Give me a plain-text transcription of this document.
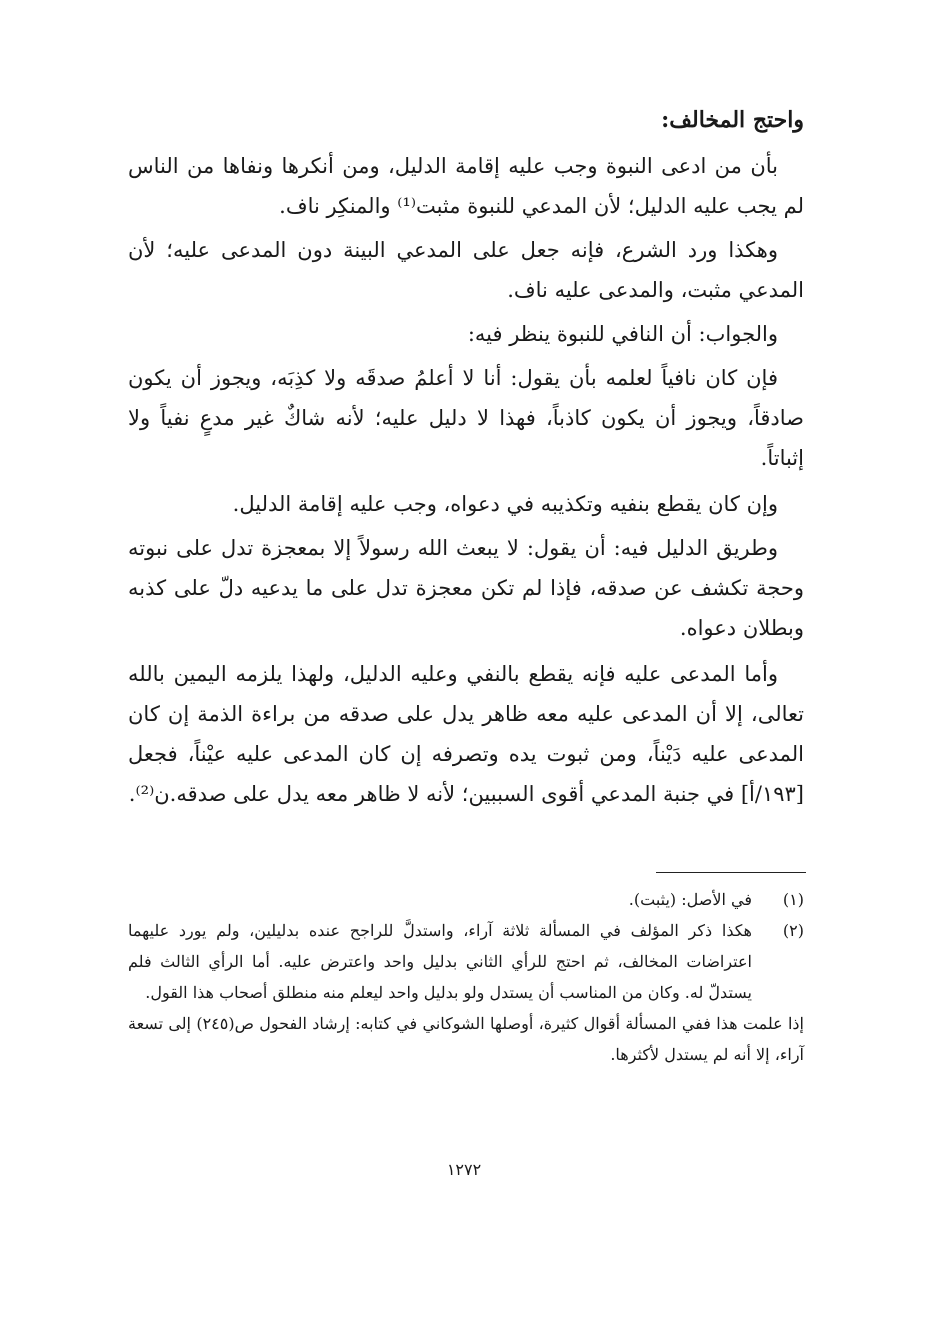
واحتج المخالف:

بأن من ادعى النبوة وجب عليه إقامة الدليل، ومن أنكرها ونفاها من الناس لم يجب عليه الدليل؛ لأن المدعي للنبوة مثبت⁽¹⁾ والمنكِر ناف.

وهكذا ورد الشرع، فإنه جعل على المدعي البينة دون المدعى عليه؛ لأن المدعي مثبت، والمدعى عليه ناف.

والجواب: أن النافي للنبوة ينظر فيه:

فإن كان نافياً لعلمه بأن يقول: أنا لا أعلمُ صدقَه ولا كذِبَه، ويجوز أن يكون صادقاً، ويجوز أن يكون كاذباً، فهذا لا دليل عليه؛ لأنه شاكٌ غير مدعٍ نفياً ولا إثباتاً.

وإن كان يقطع بنفيه وتكذيبه في دعواه، وجب عليه إقامة الدليل.

وطريق الدليل فيه: أن يقول: لا يبعث الله رسولاً إلا بمعجزة تدل على نبوته وحجة تكشف عن صدقه، فإذا لم تكن معجزة تدل على ما يدعيه دلّ على كذبه وبطلان دعواه.

وأما المدعى عليه فإنه يقطع بالنفي وعليه الدليل، ولهذا يلزمه اليمين بالله تعالى، إلا أن المدعى عليه معه ظاهر يدل على صدقه من براءة الذمة إن كان المدعى عليه دَيْناً، ومن ثبوت يده وتصرفه إن كان المدعى عليه عيْناً، فجعل [١٩٣/أ] في جنبة المدعي أقوى السببين؛ لأنه لا ظاهر معه يدل على صدقه.ن⁽²⁾.

(١)
في الأصل: (يثبت).
(٢)
هكذا ذكر المؤلف في المسألة ثلاثة آراء، واستدلَّ للراجح عنده بدليلين، ولم يورد عليهما اعتراضات المخالف، ثم احتج للرأي الثاني بدليل واحد واعترض عليه. أما الرأي الثالث فلم يستدلّ له. وكان من المناسب أن يستدل ولو بدليل واحد ليعلم منه منطلق أصحاب هذا القول.

إذا علمت هذا ففي المسألة أقوال كثيرة، أوصلها الشوكاني في كتابه: إرشاد الفحول ص(٢٤٥) إلى تسعة آراء، إلا أنه لم يستدل لأكثرها.

١٢٧٢
